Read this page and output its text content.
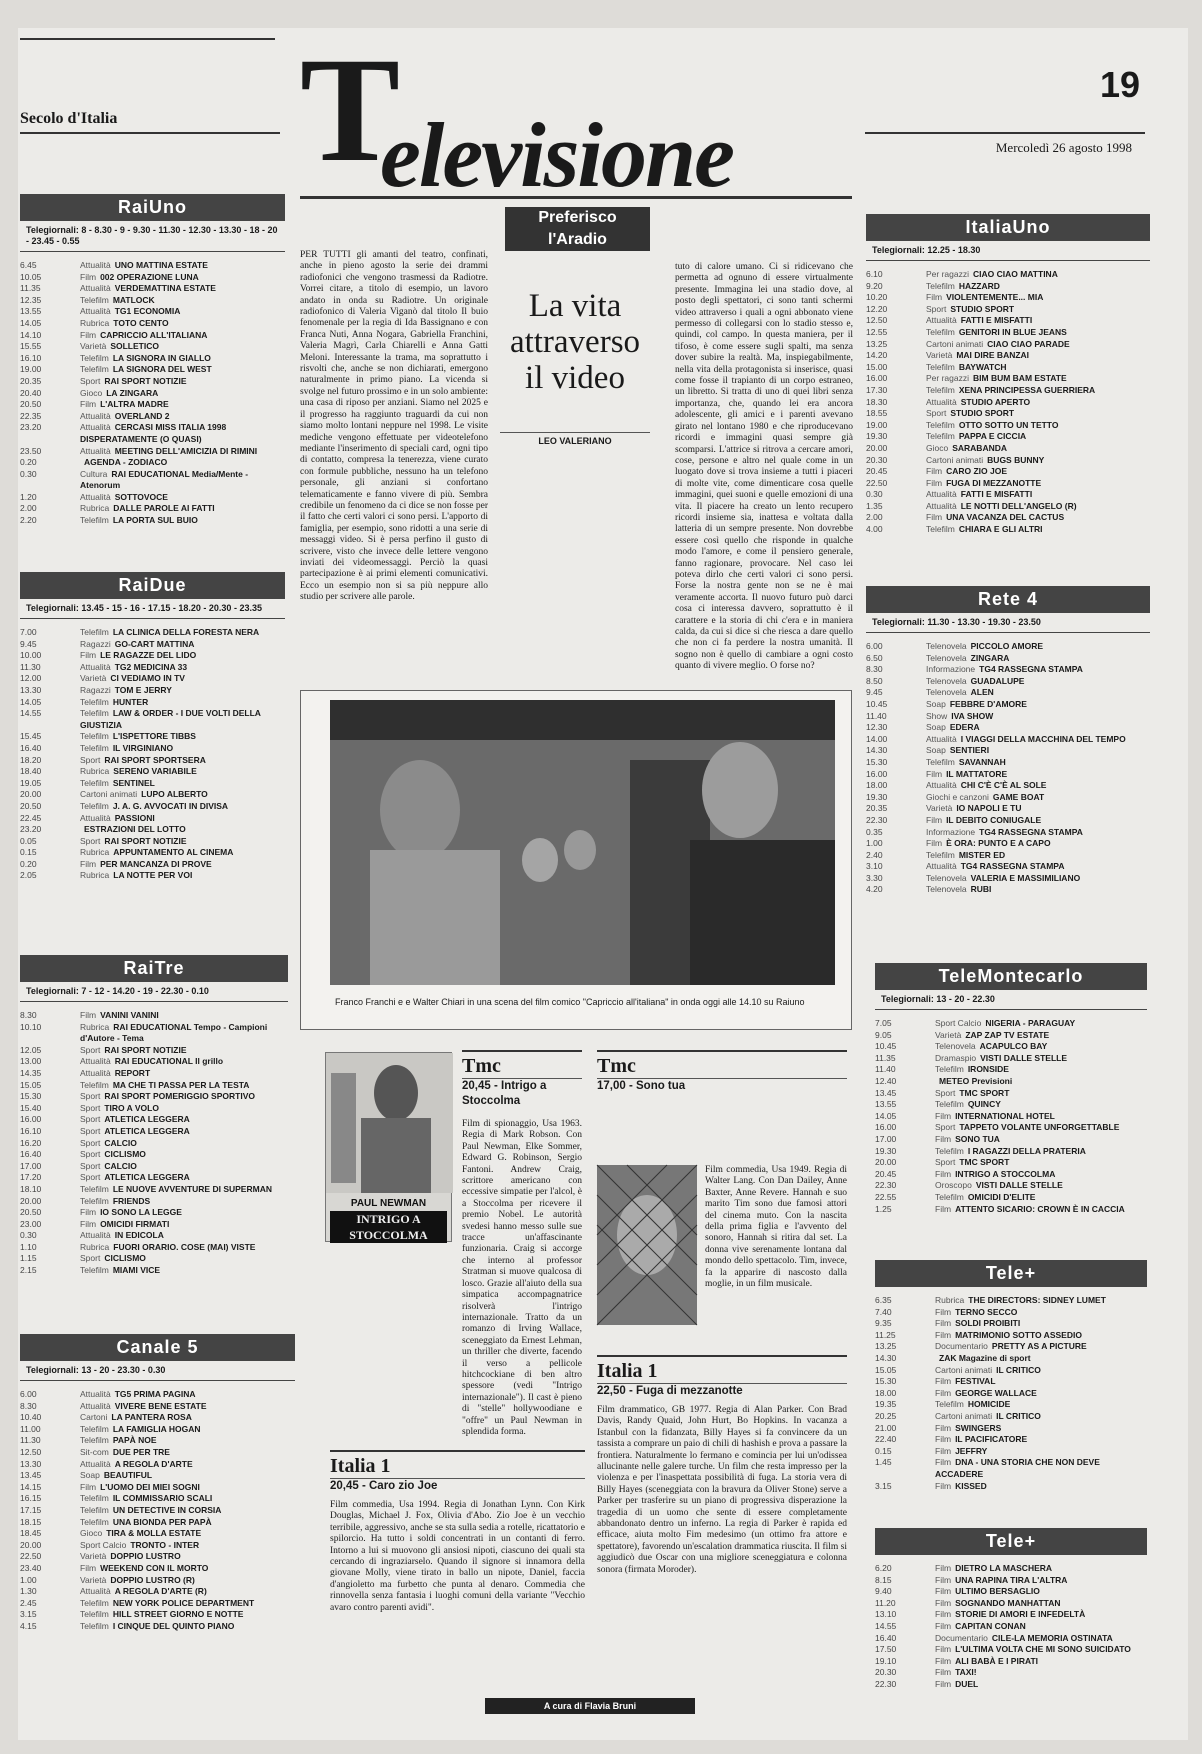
Secolo d'Italia T
elevisione
19
Mercoledì 26 agosto 1998
RaiUno
Telegiornali: 8 - 8.30 - 9 - 9.30 - 11.30 - 12.30 - 13.30 - 18 - 20 - 23.45 - 0.55
6.45	Attualità UNO MATTINA ESTATE
10.05	Film 002 OPERAZIONE LUNA
11.35	Attualità VERDEMATTINA ESTATE
12.35	Telefilm MATLOCK
13.55	Attualità TG1 ECONOMIA
14.05	Rubrica TOTO CENTO
14.10	Film CAPRICCIO ALL'ITALIANA
15.55	Varietà SOLLETICO
16.10	Telefilm LA SIGNORA IN GIALLO
19.00	Telefilm LA SIGNORA DEL WEST
20.35	Sport RAI SPORT NOTIZIE
20.40	Gioco LA ZINGARA
20.50	Film L'ALTRA MADRE
22.35	Attualità OVERLAND 2
23.20	Attualità CERCASI MISS ITALIA 1998 DISPERATAMENTE (O QUASI)
23.50	Attualità MEETING DELL'AMICIZIA DI RIMINI
0.20	AGENDA - ZODIACO
0.30	Cultura RAI EDUCATIONAL Media/Mente - Atenorum
1.20	Attualità SOTTOVOCE
2.00	Rubrica DALLE PAROLE AI FATTI
2.20	Telefilm LA PORTA SUL BUIO
RaiDue
Telegiornali: 13.45 - 15 - 16 - 17.15 - 18.20 - 20.30 - 23.35
7.00	Telefilm LA CLINICA DELLA FORESTA NERA
9.45	Ragazzi GO-CART MATTINA
10.00	Film LE RAGAZZE DEL LIDO
11.30	Attualità TG2 MEDICINA 33
12.00	Varietà CI VEDIAMO IN TV
13.30	Ragazzi TOM E JERRY
14.05	Telefilm HUNTER
14.55	Telefilm LAW & ORDER - I DUE VOLTI DELLA GIUSTIZIA
15.45	Telefilm L'ISPETTORE TIBBS
16.40	Telefilm IL VIRGINIANO
18.20	Sport RAI SPORT SPORTSERA
18.40	Rubrica SERENO VARIABILE
19.05	Telefilm SENTINEL
20.00	Cartoni animati LUPO ALBERTO
20.50	Telefilm J. A. G. AVVOCATI IN DIVISA
22.45	Attualità PASSIONI
23.20	ESTRAZIONI DEL LOTTO
0.05	Sport RAI SPORT NOTIZIE
0.15	Rubrica APPUNTAMENTO AL CINEMA
0.20	Film PER MANCANZA DI PROVE
2.05	Rubrica LA NOTTE PER VOI
RaiTre
Telegiornali: 7 - 12 - 14.20 - 19 - 22.30 - 0.10
8.30	Film VANINI VANINI
10.10	Rubrica RAI EDUCATIONAL Tempo - Campioni d'Autore - Tema
12.05	Sport RAI SPORT NOTIZIE
13.00	Attualità RAI EDUCATIONAL Il grillo
14.35	Attualità REPORT
15.05	Telefilm MA CHE TI PASSA PER LA TESTA
15.30	Sport RAI SPORT POMERIGGIO SPORTIVO
15.40	Sport TIRO A VOLO
16.00	Sport ATLETICA LEGGERA
16.10	Sport ATLETICA LEGGERA
16.20	Sport CALCIO
16.40	Sport CICLISMO
17.00	Sport CALCIO
17.20	Sport ATLETICA LEGGERA
18.10	Telefilm LE NUOVE AVVENTURE DI SUPERMAN
20.00	Telefilm FRIENDS
20.50	Film IO SONO LA LEGGE
23.00	Film OMICIDI FIRMATI
0.30	Attualità IN EDICOLA
1.10	Rubrica FUORI ORARIO. COSE (MAI) VISTE
1.15	Sport CICLISMO
2.15	Telefilm MIAMI VICE
Canale 5
Telegiornali: 13 - 20 - 23.30 - 0.30
6.00	Attualità TG5 PRIMA PAGINA
8.30	Attualità VIVERE BENE ESTATE
10.40	Cartoni LA PANTERA ROSA
11.00	Telefilm LA FAMIGLIA HOGAN
11.30	Telefilm PAPÀ NOE
12.50	Sit-com DUE PER TRE
13.30	Attualità A REGOLA D'ARTE
13.45	Soap BEAUTIFUL
14.15	Film L'UOMO DEI MIEI SOGNI
16.15	Telefilm IL COMMISSARIO SCALI
17.15	Telefilm UN DETECTIVE IN CORSIA
18.15	Telefilm UNA BIONDA PER PAPÀ
18.45	Gioco TIRA & MOLLA ESTATE
20.00	Sport Calcio TRONTO - INTER
22.50	Varietà DOPPIO LUSTRO
23.40	Film WEEKEND CON IL MORTO
1.00	Varietà DOPPIO LUSTRO (R)
1.30	Attualità A REGOLA D'ARTE (R)
2.45	Telefilm NEW YORK POLICE DEPARTMENT
3.15	Telefilm HILL STREET GIORNO E NOTTE
4.15	Telefilm I CINQUE DEL QUINTO PIANO
ItaliaUno
Telegiornali: 12.25 - 18.30
6.10	Per ragazzi CIAO CIAO MATTINA
9.20	Telefilm HAZZARD
10.20	Film VIOLENTEMENTE... MIA
12.20	Sport STUDIO SPORT
12.50	Attualità FATTI E MISFATTI
12.55	Telefilm GENITORI IN BLUE JEANS
13.25	Cartoni animati CIAO CIAO PARADE
14.20	Varietà MAI DIRE BANZAI
15.00	Telefilm BAYWATCH
16.00	Per ragazzi BIM BUM BAM ESTATE
17.30	Telefilm XENA PRINCIPESSA GUERRIERA
18.30	Attualità STUDIO APERTO
18.55	Sport STUDIO SPORT
19.00	Telefilm OTTO SOTTO UN TETTO
19.30	Telefilm PAPPA E CICCIA
20.00	Gioco SARABANDA
20.30	Cartoni animati BUGS BUNNY
20.45	Film CARO ZIO JOE
22.50	Film FUGA DI MEZZANOTTE
0.30	Attualità FATTI E MISFATTI
1.35	Attualità LE NOTTI DELL'ANGELO (R)
2.00	Film UNA VACANZA DEL CACTUS
4.00	Telefilm CHIARA E GLI ALTRI
Rete 4
Telegiornali: 11.30 - 13.30 - 19.30 - 23.50
6.00	Telenovela PICCOLO AMORE
6.50	Telenovela ZINGARA
8.30	Informazione TG4 RASSEGNA STAMPA
8.50	Telenovela GUADALUPE
9.45	Telenovela ALEN
10.45	Soap FEBBRE D'AMORE
11.40	Show IVA SHOW
12.30	Soap EDERA
14.00	Attualità I VIAGGI DELLA MACCHINA DEL TEMPO
14.30	Soap SENTIERI
15.30	Telefilm SAVANNAH
16.00	Film IL MATTATORE
18.00	Attualità CHI C'È C'È AL SOLE
19.30	Giochi e canzoni GAME BOAT
20.35	Varietà IO NAPOLI E TU
22.30	Film IL DEBITO CONIUGALE
0.35	Informazione TG4 RASSEGNA STAMPA
1.00	Film È ORA: PUNTO E A CAPO
2.40	Telefilm MISTER ED
3.10	Attualità TG4 RASSEGNA STAMPA
3.30	Telenovela VALERIA E MASSIMILIANO
4.20	Telenovela RUBI
TeleMontecarlo
Telegiornali: 13 - 20 - 22.30
7.05	Sport Calcio NIGERIA - PARAGUAY
9.05	Varietà ZAP ZAP TV ESTATE
10.45	Telenovela ACAPULCO BAY
11.35	Dramaspio VISTI DALLE STELLE
11.40	Telefilm IRONSIDE
12.40	METEO Previsioni
13.45	Sport TMC SPORT
13.55	Telefilm QUINCY
14.05	Film INTERNATIONAL HOTEL
16.00	Sport TAPPETO VOLANTE UNFORGETTABLE
17.00	Film SONO TUA
19.30	Telefilm I RAGAZZI DELLA PRATERIA
20.00	Sport TMC SPORT
20.45	Film INTRIGO A STOCCOLMA
22.30	Oroscopo VISTI DALLE STELLE
22.55	Telefilm OMICIDI D'ELITE
1.25	Film ATTENTO SICARIO: CROWN È IN CACCIA
Tele+
6.35	Rubrica THE DIRECTORS: SIDNEY LUMET
7.40	Film TERNO SECCO
9.35	Film SOLDI PROIBITI
11.25	Film MATRIMONIO SOTTO ASSEDIO
13.25	Documentario PRETTY AS A PICTURE
14.30	ZAK Magazine di sport
15.05	Cartoni animati IL CRITICO
15.30	Film FESTIVAL
18.00	Film GEORGE WALLACE
19.35	Telefilm HOMICIDE
20.25	Cartoni animati IL CRITICO
21.00	Film SWINGERS
22.40	Film IL PACIFICATORE
0.15	Film JEFFRY
1.45	Film DNA - UNA STORIA CHE NON DEVE ACCADERE
3.15	Film KISSED
Tele+
6.20	Film DIETRO LA MASCHERA
8.15	Film UNA RAPINA TIRA L'ALTRA
9.40	Film ULTIMO BERSAGLIO
11.20	Film SOGNANDO MANHATTAN
13.10	Film STORIE DI AMORI E INFEDELTÀ
14.55	Film CAPITAN CONAN
16.40	Documentario CILE-LA MEMORIA OSTINATA
17.50	Film L'ULTIMA VOLTA CHE MI SONO SUICIDATO
19.10	Film ALI BABÀ E I PIRATI
20.30	Film TAXI!
22.30	Film DUEL
Preferisco
l'Aradio
La vita
attraverso
il video
LEO VALERIANO
PER TUTTI gli amanti del teatro, confinati, anche in pieno agosto la serie dei drammi radiofonici che vengono trasmessi da Radiotre. Vorrei citare, a titolo di esempio, un lavoro andato in onda su Radiotre. Un originale radiofonico di Valeria Viganò dal titolo Il buio fenomenale per la regia di Ida Bassignano e con Franca Nuti, Anna Nogara, Gabriella Franchini, Valeria Magrì, Carla Chiarelli e Anna Gatti Meloni. Interessante la trama, ma soprattutto i risvolti che, anche se non dichiarati, emergono naturalmente in primo piano. La vicenda si svolge nel futuro prossimo e in un solo ambiente: una casa di riposo per anziani. Siamo nel 2025 e il progresso ha raggiunto traguardi da cui non siamo molto lontani neppure nel 1998. Le visite mediche vengono effettuate per videotelefono mediante l'inserimento di speciali card, ogni tipo di contatto, compresa la tenerezza, viene curato con formule pubbliche, nessuno ha un telefono personale, gli anziani si confortano telematicamente e fanno vivere di più. Sembra credibile un fenomeno da ci dice se non fosse per il fatto che certi valori ci sono persi. L'apporto di famiglia, per esempio, sono ridotti a una serie di messaggi video. Si è persa perfino il gusto di scrivere, visto che invece delle lettere vengono inviati dei videomessaggi. Perciò la quasi partecipazione è ai primi elementi comunicativi. Ecco un esempio non si sa più neppure allo studio per scrivere alle parole.
tuto di calore umano. Ci si ridicevano che permetta ad ognuno di essere virtualmente presente. Immagina lei una stadio dove, al posto degli spettatori, ci sono tanti schermi video attraverso i quali a ogni abbonato viene permesso di collegarsi con lo stadio stesso e, quindi, col campo. In questa maniera, per il tifoso, è come essere sugli spalti, ma senza dover subire la realtà. Ma, inspiegabilmente, nella vita della protagonista si inserisce, quasi come fosse il trapianto di un corpo estraneo, un libretto. Si tratta di uno di quei libri senza importanza, che, quando lei era ancora adolescente, gli amici e i parenti avevano girato nel lontano 1980 e che riproducevano ricordi e immagini quasi sempre già scomparsi. L'attrice si ritrova a cercare amori, cose, persone e altro nel quale come in un luogato dove si trova insieme a tutti i piaceri di molte vite, come dimenticare cosa quelle immagini, quei suoni e quelle emozioni di una vita. Il piacere ha creato un lento recupero ricordi insieme sia, inattesa e voltata dalla latteria di un sempre presente. Non dovrebbe essere così quello che risponde in qualche modo l'amore, e come il pensiero generale, fanno ragionare, provocare. Nel caso lei poteva dirlo che certi valori ci sono persi. Forse la nostra gente non se ne è mai veramente accorta. Il nuovo futuro può darci cosa ci interessa davvero, soprattutto è il carattere e la storia di chi c'era e in maniera calda, da cui si dice si che riesca a dare quello che non ci fa perdere la nostra umanità. Il sogno non è quello di cambiare a ogni costo quanto di vivere meglio. O forse no?
Franco Franchi e e Walter Chiari in una scena del film comico "Capriccio all'italiana" in onda oggi alle 14.10 su Raiuno
PAUL NEWMAN
INTRIGO A STOCCOLMA
Tmc
20,45 - Intrigo a Stoccolma
Film di spionaggio, Usa 1963. Regia di Mark Robson. Con Paul Newman, Elke Sommer, Edward G. Robinson, Sergio Fantoni. Andrew Craig, scrittore americano con eccessive simpatie per l'alcol, è a Stoccolma per ricevere il premio Nobel. Le autorità svedesi hanno messo sulle sue tracce un'affascinante funzionaria. Craig si accorge che interno al professor Stratman si muove qualcosa di losco. Grazie all'aiuto della sua simpatica accompagnatrice risolverà l'intrigo internazionale. Tratto da un romanzo di Irving Wallace, sceneggiato da Ernest Lehman, un thriller che diverte, facendo il verso a pellicole hitchcockiane di ben altro spessore (vedi "Intrigo internazionale"). Il cast è pieno di "stelle" hollywoodiane e "offre" un Paul Newman in splendida forma.
Tmc
17,00 - Sono tua
Film commedia, Usa 1949. Regia di Walter Lang. Con Dan Dailey, Anne Baxter, Anne Revere. Hannah e suo marito Tim sono due famosi attori del cinema muto. Con la nascita della prima figlia e l'avvento del sonoro, Hannah si ritira dal set. La donna vive serenamente lontana dal mondo dello spettacolo. Tim, invece, fa la apparire di nascosto dalla moglie, in un film musicale.
Italia 1
22,50 - Fuga di mezzanotte
Film drammatico, GB 1977. Regia di Alan Parker. Con Brad Davis, Randy Quaid, John Hurt, Bo Hopkins. In vacanza a Istanbul con la fidanzata, Billy Hayes si fa convincere da un tassista a comprare un paio di chili di hashish e prova a passare la frontiera. Naturalmente lo fermano e comincia per lui un'odissea allucinante nelle galere turche. Un film che resta impresso per la violenza e per l'inaspettata possibilità di fuga. La storia vera di Billy Hayes (sceneggiata con la bravura da Oliver Stone) serve a Parker per trasferire su un piano di progressiva disperazione la tragedia di un uomo che sente di essere completamente abbandonato dentro un inferno. La regia di Parker è rapida ed efficace, aiuta molto Fim medesimo (un ottimo fra attore e spettatore), favorendo un'escalation drammatica riuscita. Il film si aggiudicò due Oscar con una migliore sceneggiatura e colonna sonora (firmata Moroder).
Italia 1
20,45 - Caro zio Joe
Film commedia, Usa 1994. Regia di Jonathan Lynn. Con Kirk Douglas, Michael J. Fox, Olivia d'Abo. Zio Joe è un vecchio terribile, aggressivo, anche se sta sulla sedia a rotelle, ricattatorio e spilorcio. Ha tutto i soldi concentrati in un contanti di ferro. Intorno a lui si muovono gli ansiosi nipoti, ciascuno dei quali sta cercando di ingraziarselo. Quando il signore si innamora della giovane Molly, viene tirato in ballo un nipote, Daniel, faccia d'angioletto ma furbetto che punta al denaro. Commedia che rinnovella senza fantasia i luoghi comuni della variante "Vecchio avaro contro parenti avidi".
A cura di Flavia Bruni
